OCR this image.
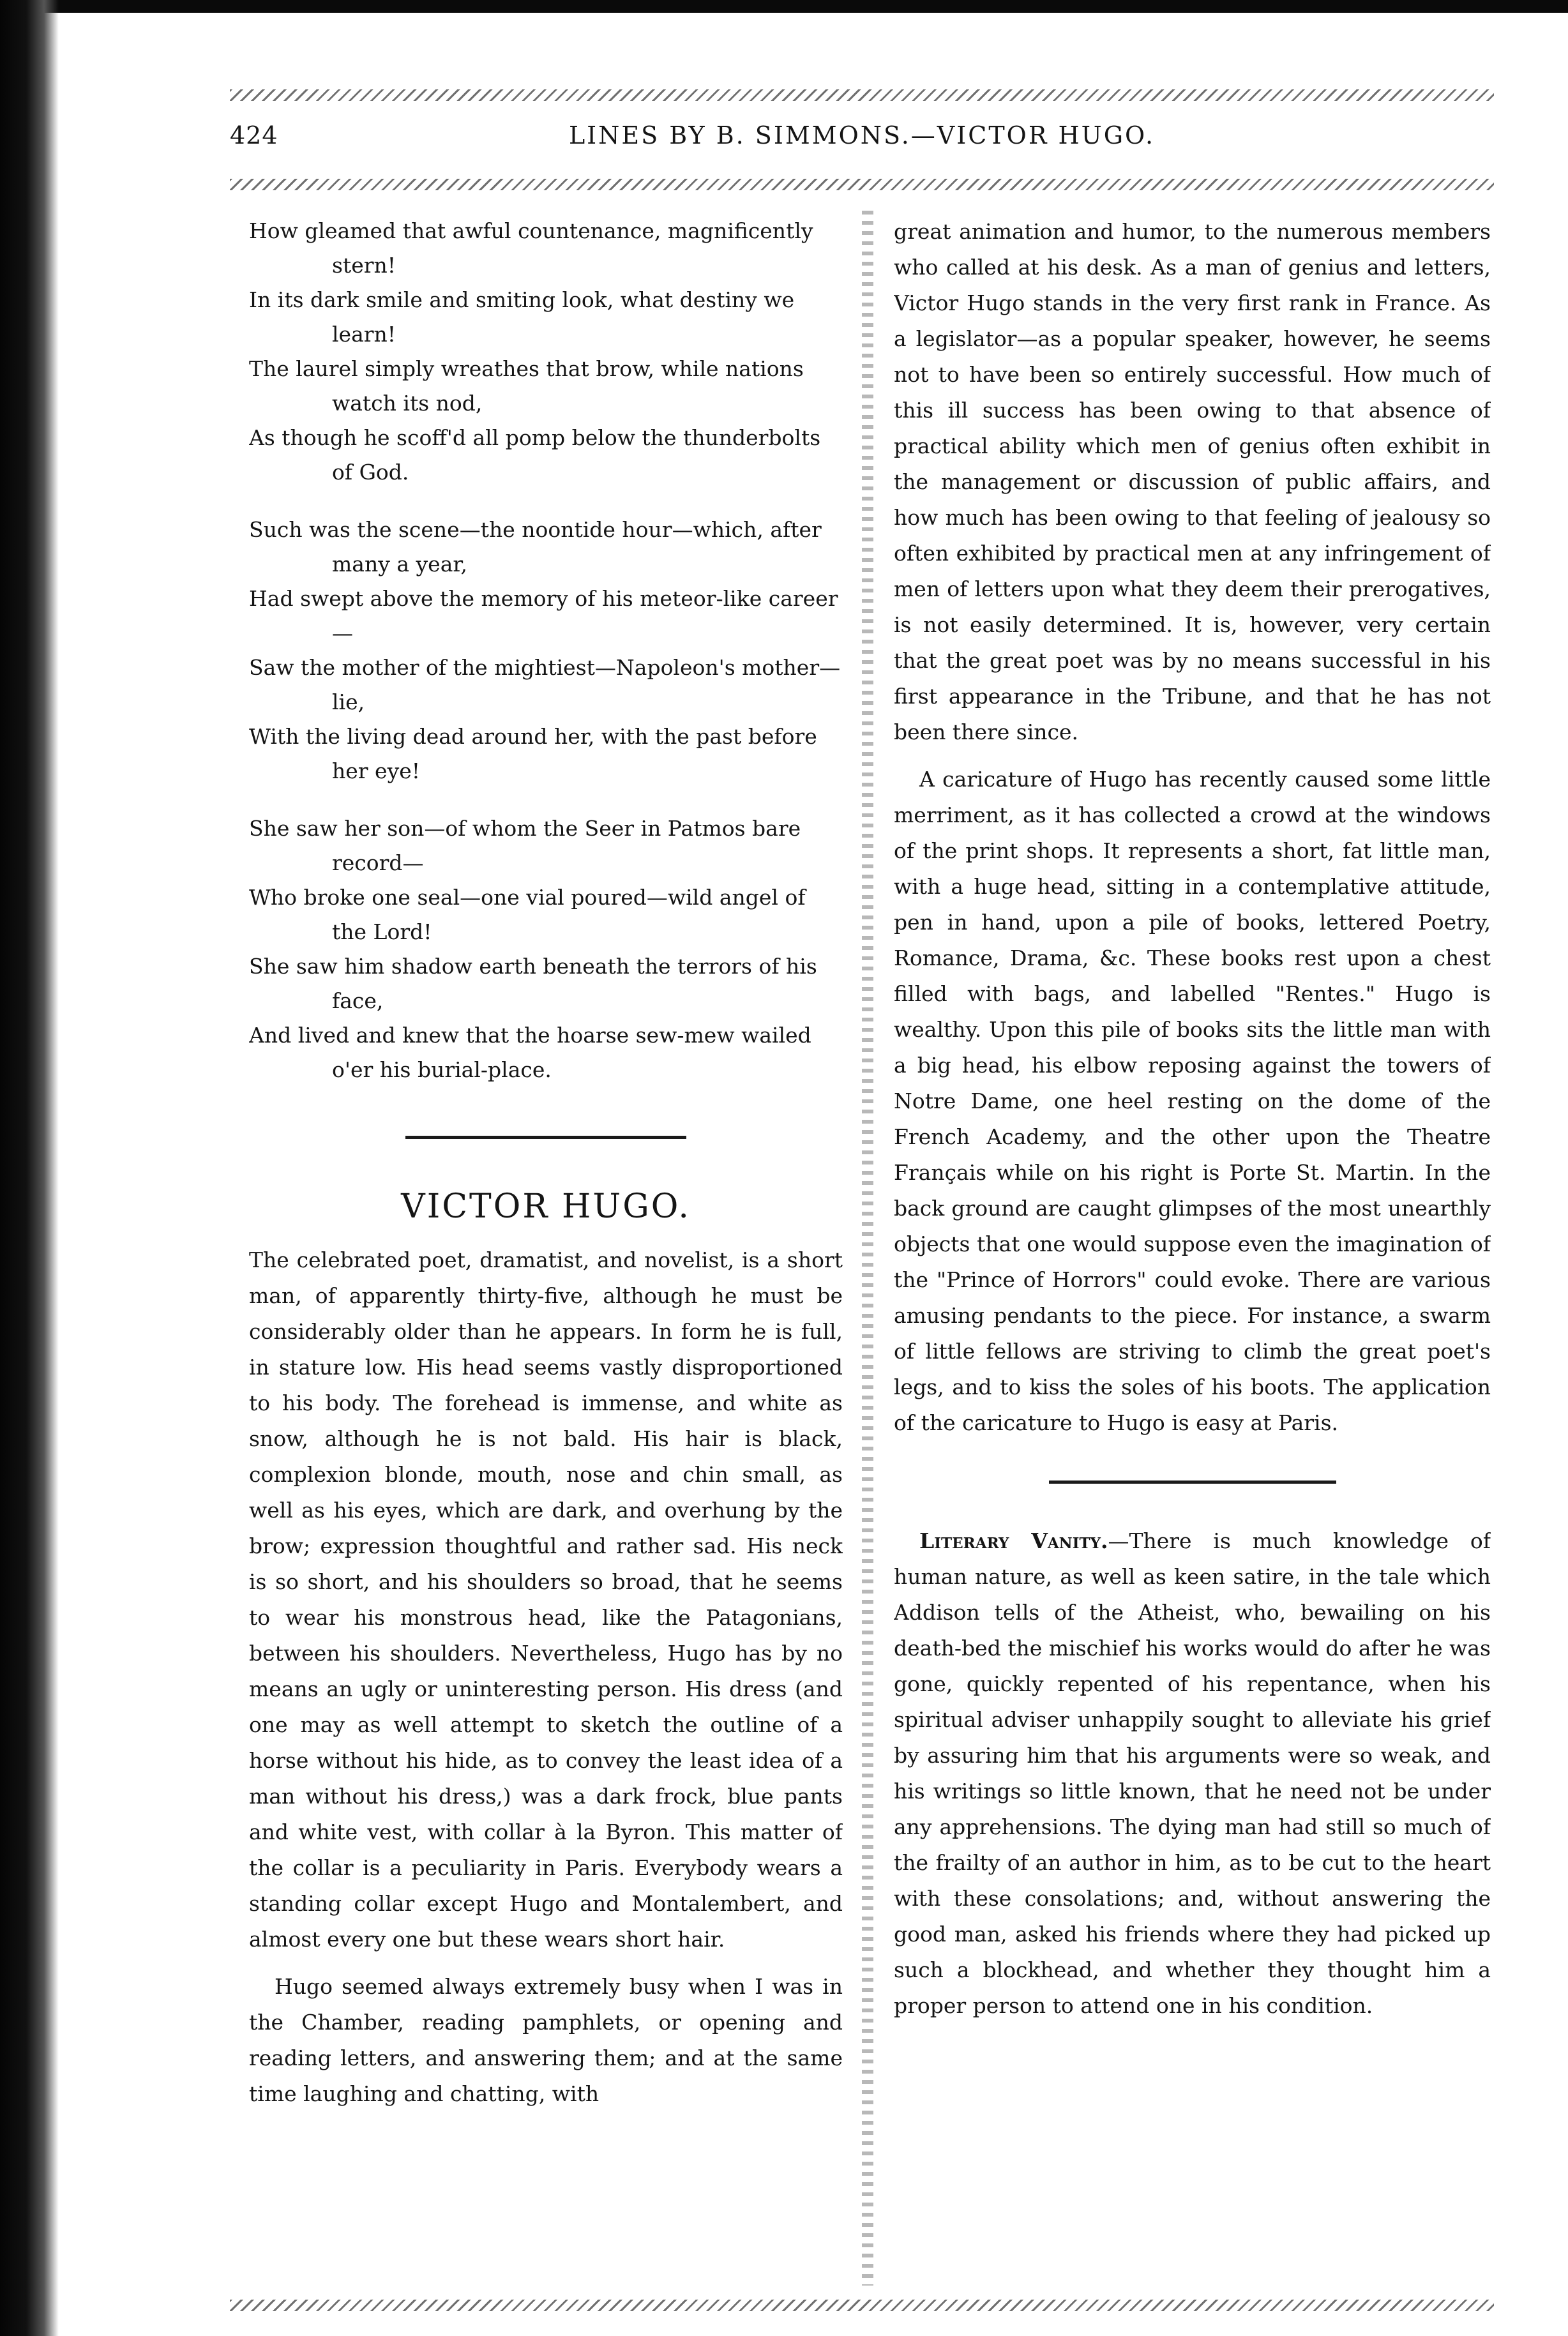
LINES BY B. SIMMONS.—VICTOR HUGO.
424
How gleamed that awful countenance, magnificently stern!
In its dark smile and smiting look, what destiny we learn!
The laurel simply wreathes that brow, while nations watch its nod,
As though he scoff'd all pomp below the thunderbolts of God.
Such was the scene—the noontide hour—which, after many a year,
Had swept above the memory of his meteor-like career—
Saw the mother of the mightiest—Napoleon's mother—lie,
With the living dead around her, with the past before her eye!
She saw her son—of whom the Seer in Patmos bare record—
Who broke one seal—one vial poured—wild angel of the Lord!
She saw him shadow earth beneath the terrors of his face,
And lived and knew that the hoarse sew-mew wailed o'er his burial-place.
VICTOR HUGO.

The celebrated poet, dramatist, and novelist, is a short man, of apparently thirty-five, although he must be considerably older than he appears. In form he is full, in stature low. His head seems vastly disproportioned to his body. The forehead is immense, and white as snow, although he is not bald. His hair is black, complexion blonde, mouth, nose and chin small, as well as his eyes, which are dark, and overhung by the brow; expression thoughtful and rather sad. His neck is so short, and his shoulders so broad, that he seems to wear his monstrous head, like the Patagonians, between his shoulders. Nevertheless, Hugo has by no means an ugly or uninteresting person. His dress (and one may as well attempt to sketch the outline of a horse without his hide, as to convey the least idea of a man without his dress,) was a dark frock, blue pants and white vest, with collar à la Byron. This matter of the collar is a peculiarity in Paris. Everybody wears a standing collar except Hugo and Montalembert, and almost every one but these wears short hair.

Hugo seemed always extremely busy when I was in the Chamber, reading pamphlets, or opening and reading letters, and answering them; and at the same time laughing and chatting, with

great animation and humor, to the numerous members who called at his desk. As a man of genius and letters, Victor Hugo stands in the very first rank in France. As a legislator—as a popular speaker, however, he seems not to have been so entirely successful. How much of this ill success has been owing to that absence of practical ability which men of genius often exhibit in the management or discussion of public affairs, and how much has been owing to that feeling of jealousy so often exhibited by practical men at any infringement of men of letters upon what they deem their prerogatives, is not easily determined. It is, however, very certain that the great poet was by no means successful in his first appearance in the Tribune, and that he has not been there since.

A caricature of Hugo has recently caused some little merriment, as it has collected a crowd at the windows of the print shops. It represents a short, fat little man, with a huge head, sitting in a contemplative attitude, pen in hand, upon a pile of books, lettered Poetry, Romance, Drama, &c. These books rest upon a chest filled with bags, and labelled "Rentes." Hugo is wealthy. Upon this pile of books sits the little man with a big head, his elbow reposing against the towers of Notre Dame, one heel resting on the dome of the French Academy, and the other upon the Theatre Français while on his right is Porte St. Martin. In the back ground are caught glimpses of the most unearthly objects that one would suppose even the imagination of the "Prince of Horrors" could evoke. There are various amusing pendants to the piece. For instance, a swarm of little fellows are striving to climb the great poet's legs, and to kiss the soles of his boots. The application of the caricature to Hugo is easy at Paris.

Literary Vanity.—There is much knowledge of human nature, as well as keen satire, in the tale which Addison tells of the Atheist, who, bewailing on his death-bed the mischief his works would do after he was gone, quickly repented of his repentance, when his spiritual adviser unhappily sought to alleviate his grief by assuring him that his arguments were so weak, and his writings so little known, that he need not be under any apprehensions. The dying man had still so much of the frailty of an author in him, as to be cut to the heart with these consolations; and, without answering the good man, asked his friends where they had picked up such a blockhead, and whether they thought him a proper person to attend one in his condition.
